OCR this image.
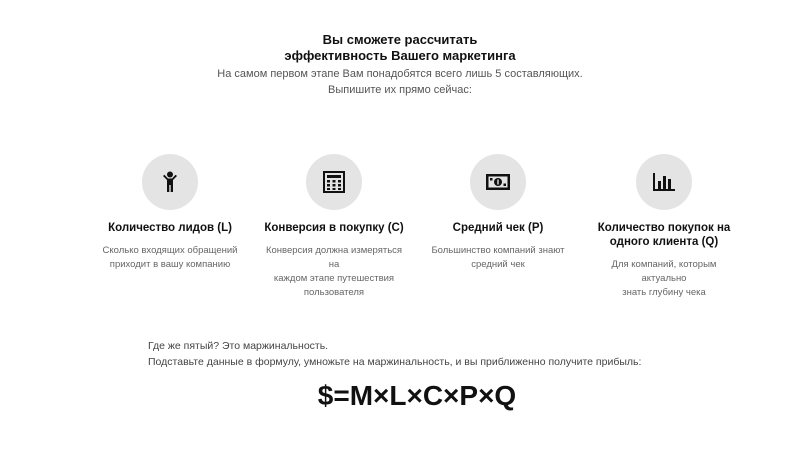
Вы сможете рассчитать
эффективность Вашего маркетинга
На самом первом этапе Вам понадобятся всего лишь 5 составляющих.
Выпишите их прямо сейчас:
Количество лидов (L)
Сколько входящих обращений
приходит в вашу компанию
Конверсия в покупку (C)
Конверсия должна измеряться на
каждом этапе путешествия
пользователя
Средний чек (P)
Большинство компаний знают
средний чек
Количество покупок на
одного клиента (Q)
Для компаний, которым актуально
знать глубину чека
Где же пятый? Это маржинальность.
Подставьте данные в формулу, умножьте на маржинальность, и вы приближенно получите прибыль:
$=M×L×C×P×Q
